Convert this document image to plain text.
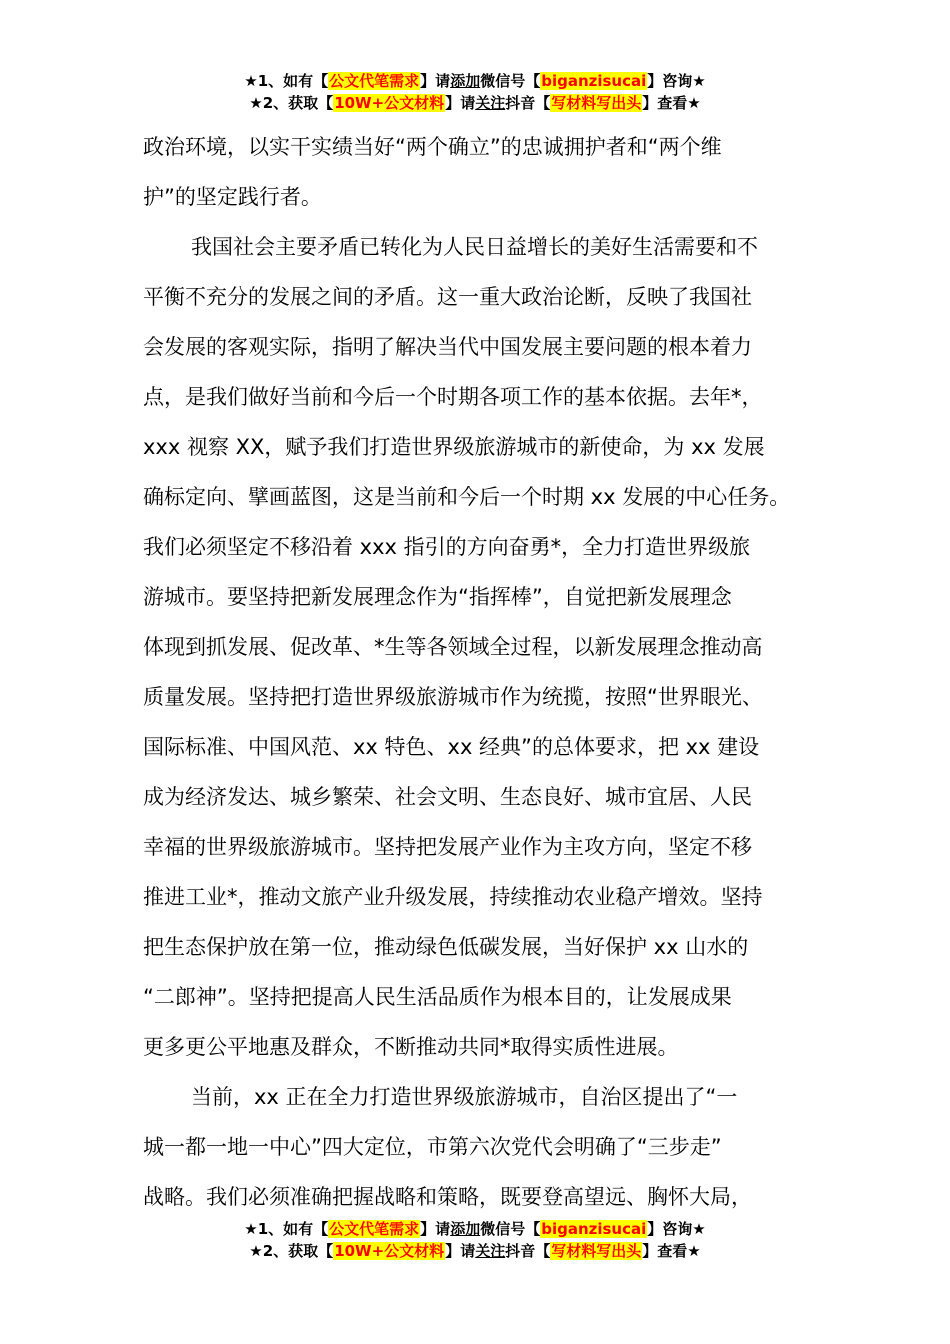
★1、如有【公文代笔需求】请添加微信号【biganzisucai】咨询★
★2、获取【10W+公文材料】请关注抖音【写材料写出头】查看★
政治环境，以实干实绩当好“两个确立”的忠诚拥护者和“两个维
护”的坚定践行者。
我国社会主要矛盾已转化为人民日益增长的美好生活需要和不
平衡不充分的发展之间的矛盾。这一重大政治论断，反映了我国社
会发展的客观实际，指明了解决当代中国发展主要问题的根本着力
点，是我们做好当前和今后一个时期各项工作的基本依据。去年*，
xxx 视察 XX，赋予我们打造世界级旅游城市的新使命，为 xx 发展
确标定向、擘画蓝图，这是当前和今后一个时期 xx 发展的中心任务。
我们必须坚定不移沿着 xxx 指引的方向奋勇*，全力打造世界级旅
游城市。要坚持把新发展理念作为“指挥棒”，自觉把新发展理念
体现到抓发展、促改革、*生等各领域全过程，以新发展理念推动高
质量发展。坚持把打造世界级旅游城市作为统揽，按照“世界眼光、
国际标准、中国风范、xx 特色、xx 经典”的总体要求，把 xx 建设
成为经济发达、城乡繁荣、社会文明、生态良好、城市宜居、人民
幸福的世界级旅游城市。坚持把发展产业作为主攻方向，坚定不移
推进工业*，推动文旅产业升级发展，持续推动农业稳产增效。坚持
把生态保护放在第一位，推动绿色低碳发展，当好保护 xx 山水的
“二郎神”。坚持把提高人民生活品质作为根本目的，让发展成果
更多更公平地惠及群众，不断推动共同*取得实质性进展。
当前，xx 正在全力打造世界级旅游城市，自治区提出了“一
城一都一地一中心”四大定位，市第六次党代会明确了“三步走”
战略。我们必须准确把握战略和策略，既要登高望远、胸怀大局，
★1、如有【公文代笔需求】请添加微信号【biganzisucai】咨询★
★2、获取【10W+公文材料】请关注抖音【写材料写出头】查看★
